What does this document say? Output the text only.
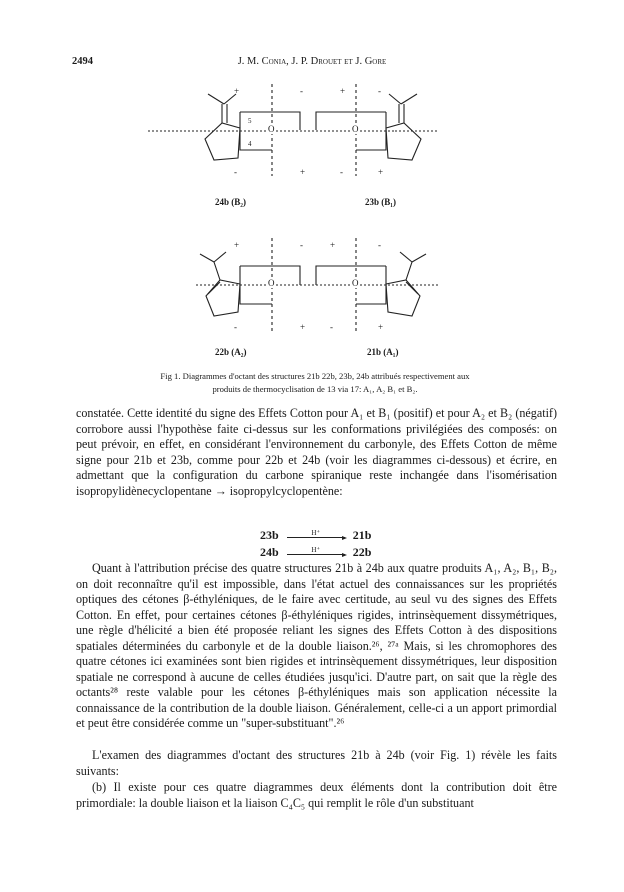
2494	J. M. Conia, J. P. Drouet et J. Gore
+	-	+	-
-	+	-	+
O	O
5
4
24b (B₂)	23b (B₁)
+	-	+	-
-	+	-	+
O	O
22b (A₂)	21b (A₁)
Fig 1. Diagrammes d'octant des structures 21b 22b, 23b, 24b attribués respectivement aux
produits de thermocyclisation de 13 via 17: A₁, A₂ B₁ et B₂.

constatée. Cette identité du signe des Effets Cotton pour A₁ et B₁ (positif) et pour A₂ et B₂ (négatif) corrobore aussi l'hypothèse faite ci-dessus sur les conformations privilégiées des composés: on peut prévoir, en effet, en considérant l'environnement du carbonyle, des Effets Cotton de même signe pour 21b et 23b, comme pour 22b et 24b (voir les diagrammes ci-dessous) et écrire, en admettant que la configuration du carbone spiranique reste inchangée dans l'isomérisation isopropylidènecyclopentane → isopropylcyclopentène:

23b	H⁺	21b
24b	H⁺	22b

Quant à l'attribution précise des quatre structures 21b à 24b aux quatre produits A₁, A₂, B₁, B₂, on doit reconnaître qu'il est impossible, dans l'état actuel des connaissances sur les propriétés optiques des cétones β-éthyléniques, de le faire avec certitude, au seul vu des signes des Effets Cotton. En effet, pour certaines cétones β-éthyléniques rigides, intrinsèquement dissymétriques, une règle d'hélicité a bien été proposée reliant les signes des Effets Cotton à des dispositions spatiales déterminées du carbonyle et de la double liaison.²⁶, ²⁷ᵃ Mais, si les chromophores des quatre cétones ici examinées sont bien rigides et intrinsèquement dissymétriques, leur disposition spatiale ne correspond à aucune de celles étudiées jusqu'ici. D'autre part, on sait que la règle des octants²⁸ reste valable pour les cétones β-éthyléniques mais son application nécessite la connaissance de la contribution de la double liaison. Généralement, celle-ci a un apport primordial et peut être considérée comme un "super-substituant".²⁶

L'examen des diagrammes d'octant des structures 21b à 24b (voir Fig. 1) révèle les faits suivants:

(b) Il existe pour ces quatre diagrammes deux éléments dont la contribution doit être primordiale: la double liaison et la liaison C₄C₅ qui remplit le rôle d'un substituant
